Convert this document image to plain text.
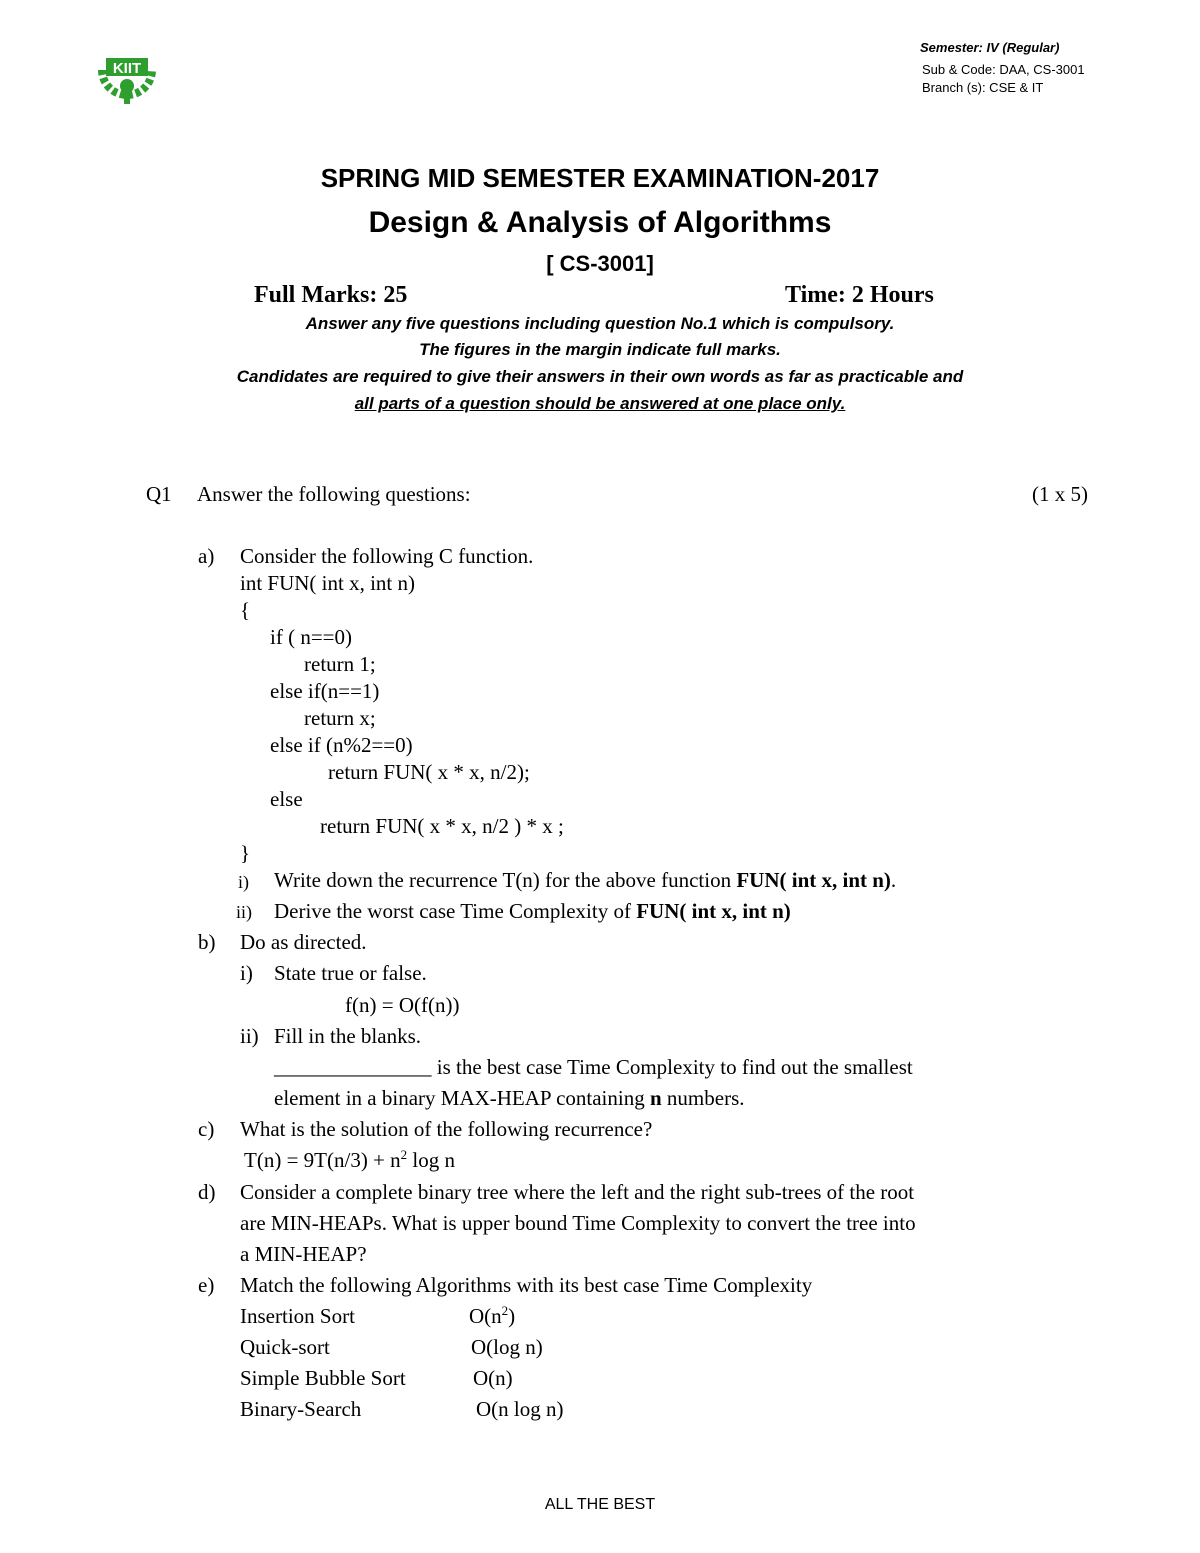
Semester: IV (Regular)
Sub & Code: DAA, CS-3001
Branch (s): CSE & IT
KIIT
SPRING MID SEMESTER EXAMINATION-2017
Design & Analysis of Algorithms
[ CS-3001]
Full Marks: 25	Time: 2 Hours
Answer any five questions including question No.1 which is compulsory.
The figures in the margin indicate full marks.
Candidates are required to give their answers in their own words as far as practicable and
all parts of a question should be answered at one place only.
Q1 Answer the following questions:	(1 x 5)
a) Consider the following C function.
int FUN( int x, int n)
{
if ( n==0)
return 1;
else if(n==1)
return x;
else if (n%2==0)
return FUN( x * x, n/2);
else
return FUN( x * x, n/2 ) * x ;
}
i) Write down the recurrence T(n) for the above function FUN( int x, int n).
ii) Derive the worst case Time Complexity of FUN( int x, int n)
b) Do as directed.
i) State true or false.
f(n) = O(f(n))
ii) Fill in the blanks.
_______________ is the best case Time Complexity to find out the smallest
element in a binary MAX-HEAP containing n numbers.
c) What is the solution of the following recurrence?
$T(n) = 9T(n/3) + n^2$ log n
d) Consider a complete binary tree where the left and the right sub-trees of the root
are MIN-HEAPs. What is upper bound Time Complexity to convert the tree into
a MIN-HEAP?
e) Match the following Algorithms with its best case Time Complexity
Insertion Sort	$O(n^2)$
Quick-sort	O(log n)
Simple Bubble Sort	O(n)
Binary-Search	O(n log n)
ALL THE BEST
